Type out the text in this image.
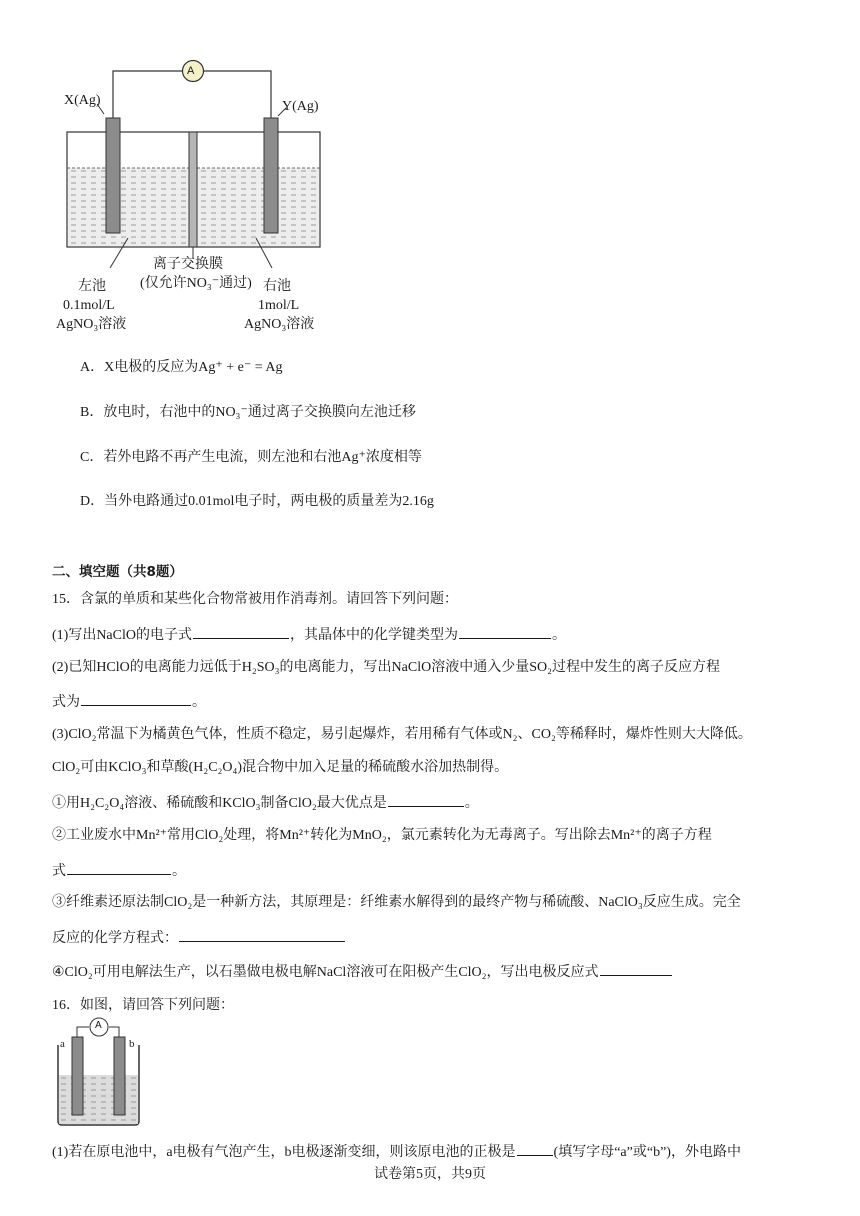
A
X(Ag)	Y(Ag)
离子交换膜
(仅允许NO₃⁻通过)
左池
0.1mol/L
AgNO₃溶液
右池
1mol/L
AgNO₃溶液
A．X电极的反应为Ag⁺ + e⁻ = Ag
B．放电时，右池中的NO₃⁻通过离子交换膜向左池迁移
C．若外电路不再产生电流，则左池和右池Ag⁺浓度相等
D．当外电路通过0.01mol电子时，两电极的质量差为2.16g
二、填空题（共8题）
15．含氯的单质和某些化合物常被用作消毒剂。请回答下列问题：
(1)写出NaClO的电子式	，其晶体中的化学键类型为	。
(2)已知HClO的电离能力远低于H₂SO₃的电离能力，写出NaClO溶液中通入少量SO₂过程中发生的离子反应方程
式为	。
(3)ClO₂常温下为橘黄色气体，性质不稳定，易引起爆炸，若用稀有气体或N₂、CO₂等稀释时，爆炸性则大大降低。
ClO₂可由KClO₃和草酸(H₂C₂O₄)混合物中加入足量的稀硫酸水浴加热制得。
①用H₂C₂O₄溶液、稀硫酸和KClO₃制备ClO₂最大优点是	。
②工业废水中Mn²⁺常用ClO₂处理，将Mn²⁺转化为MnO₂，氯元素转化为无毒离子。写出除去Mn²⁺的离子方程
式	。
③纤维素还原法制ClO₂是一种新方法，其原理是：纤维素水解得到的最终产物与稀硫酸、NaClO₃反应生成。完全
反应的化学方程式：
④ClO₂可用电解法生产，以石墨做电极电解NaCl溶液可在阳极产生ClO₂，写出电极反应式
16．如图，请回答下列问题：
A
a	b
(1)若在原电池中，a电极有气泡产生，b电极逐渐变细，则该原电池的正极是	(填写字母“a”或“b”)，外电路中
试卷第5页，共9页
